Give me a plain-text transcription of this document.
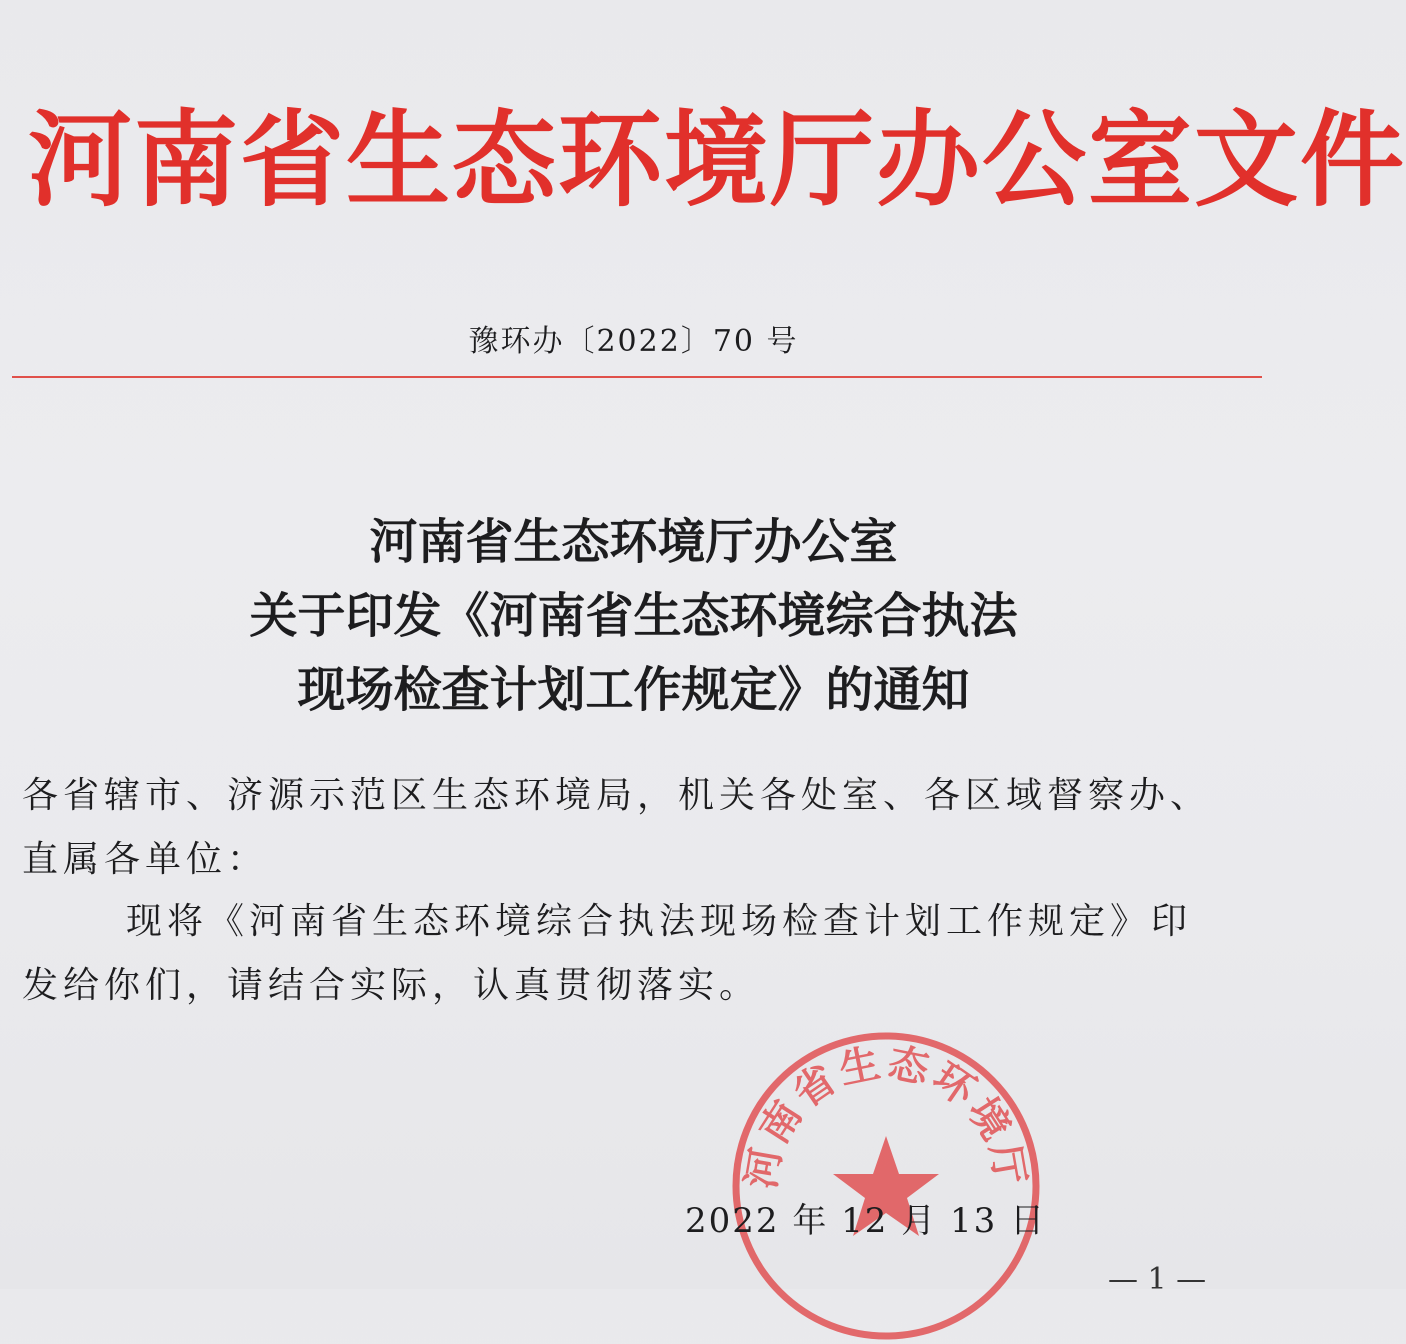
河南省生态环境厅办公室文件
豫环办〔2022〕70 号
河南省生态环境厅办公室
关于印发《河南省生态环境综合执法
现场检查计划工作规定》的通知
各省辖市、济源示范区生态环境局，机关各处室、各区域督察办、
直属各单位：
现将《河南省生态环境综合执法现场检查计划工作规定》印
发给你们，请结合实际，认真贯彻落实。
河南省生态环境厅
2022 年 12 月 13 日
— 1 —
